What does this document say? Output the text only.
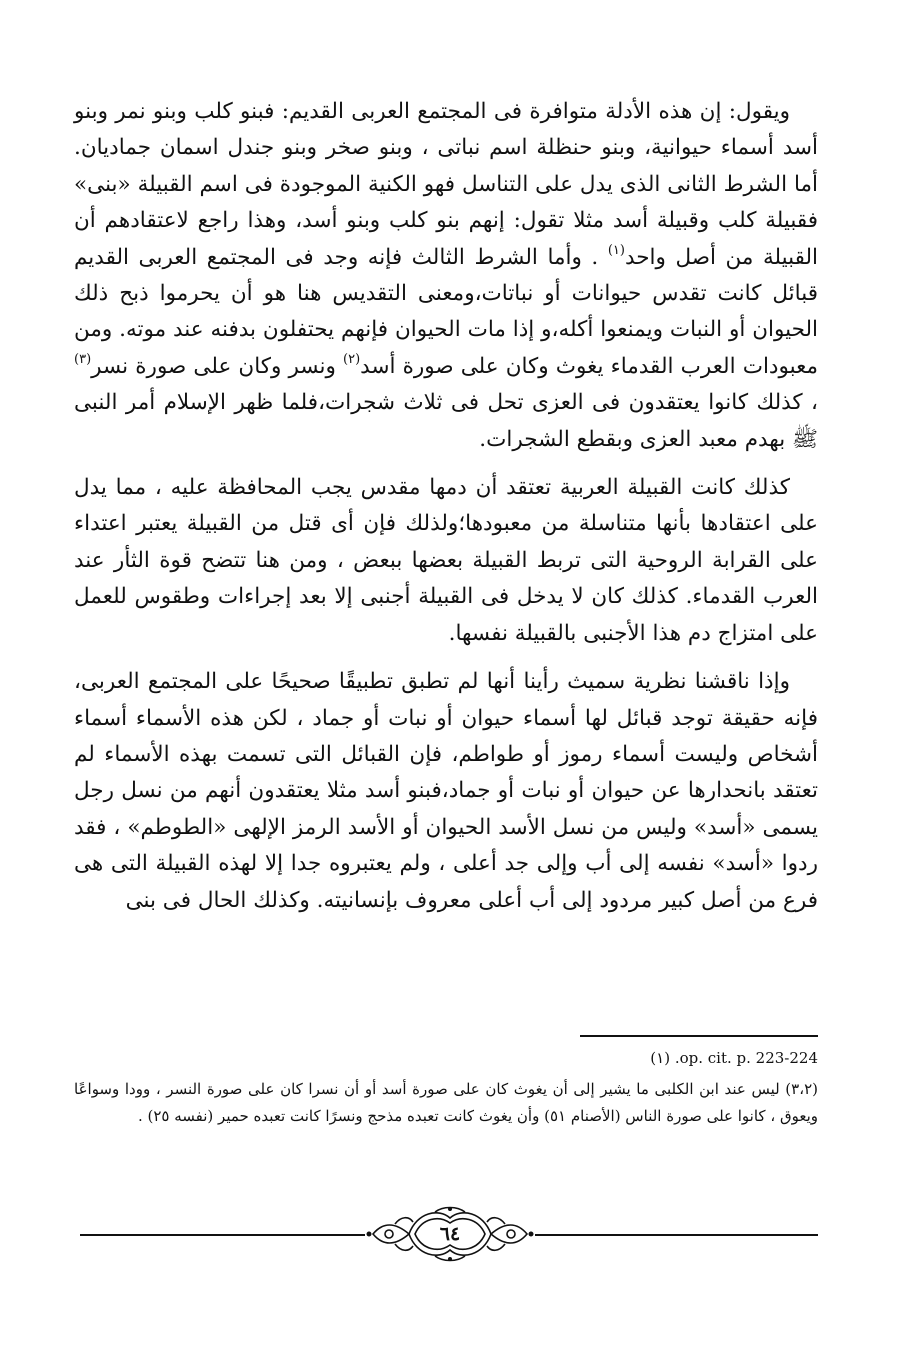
ويقول: إن هذه الأدلة متوافرة فى المجتمع العربى القديم: فبنو كلب وبنو نمر وبنو أسد أسماء حيوانية، وبنو حنظلة اسم نباتى ، وبنو صخر وبنو جندل اسمان جماديان. أما الشرط الثانى الذى يدل على التناسل فهو الكنية الموجودة فى اسم القبيلة «بنى» فقبيلة كلب وقبيلة أسد مثلا تقول: إنهم بنو كلب وبنو أسد، وهذا راجع لاعتقادهم أن القبيلة من أصل واحد$^{(١)}$ . وأما الشرط الثالث فإنه وجد فى المجتمع العربى القديم قبائل كانت تقدس حيوانات أو نباتات،ومعنى التقديس هنا هو أن يحرموا ذبح ذلك الحيوان أو النبات ويمنعوا أكله،و إذا مات الحيوان فإنهم يحتفلون بدفنه عند موته. ومن معبودات العرب القدماء يغوث وكان على صورة أسد$^{(٢)}$ ونسر وكان على صورة نسر$^{(٣)}$ ، كذلك كانوا يعتقدون فى العزى تحل فى ثلاث شجرات،فلما ظهر الإسلام أمر النبى ﷺ بهدم معبد العزى وبقطع الشجرات.

كذلك كانت القبيلة العربية تعتقد أن دمها مقدس يجب المحافظة عليه ، مما يدل على اعتقادها بأنها متناسلة من معبودها؛ولذلك فإن أى قتل من القبيلة يعتبر اعتداء على القرابة الروحية التى تربط القبيلة بعضها ببعض ، ومن هنا تتضح قوة الثأر عند العرب القدماء. كذلك كان لا يدخل فى القبيلة أجنبى إلا بعد إجراءات وطقوس للعمل على امتزاج دم هذا الأجنبى بالقبيلة نفسها.

وإذا ناقشنا نظرية سميث رأينا أنها لم تطبق تطبيقًا صحيحًا على المجتمع العربى، فإنه حقيقة توجد قبائل لها أسماء حيوان أو نبات أو جماد ، لكن هذه الأسماء أسماء أشخاص وليست أسماء رموز أو طواطم، فإن القبائل التى تسمت بهذه الأسماء لم تعتقد بانحدارها عن حيوان أو نبات أو جماد،فبنو أسد مثلا يعتقدون أنهم من نسل رجل يسمى «أسد» وليس من نسل الأسد الحيوان أو الأسد الرمز الإلهى «الطوطم» ، فقد ردوا «أسد» نفسه إلى أب وإلى جد أعلى ، ولم يعتبروه جدا إلا لهذه القبيلة التى هى فرع من أصل كبير مردود إلى أب أعلى معروف بإنسانيته. وكذلك الحال فى بنى

op. cit. p. 223-224. (١)

(٣،٢) ليس عند ابن الكلبى ما يشير إلى أن يغوث كان على صورة أسد أو أن نسرا كان على صورة النسر ، وودا وسواعًا ويعوق ، كانوا على صورة الناس (الأصنام ٥١) وأن يغوث كانت تعبده مذحج ونسرًا كانت تعبده حمير (نفسه ٢٥) .

٦٤
